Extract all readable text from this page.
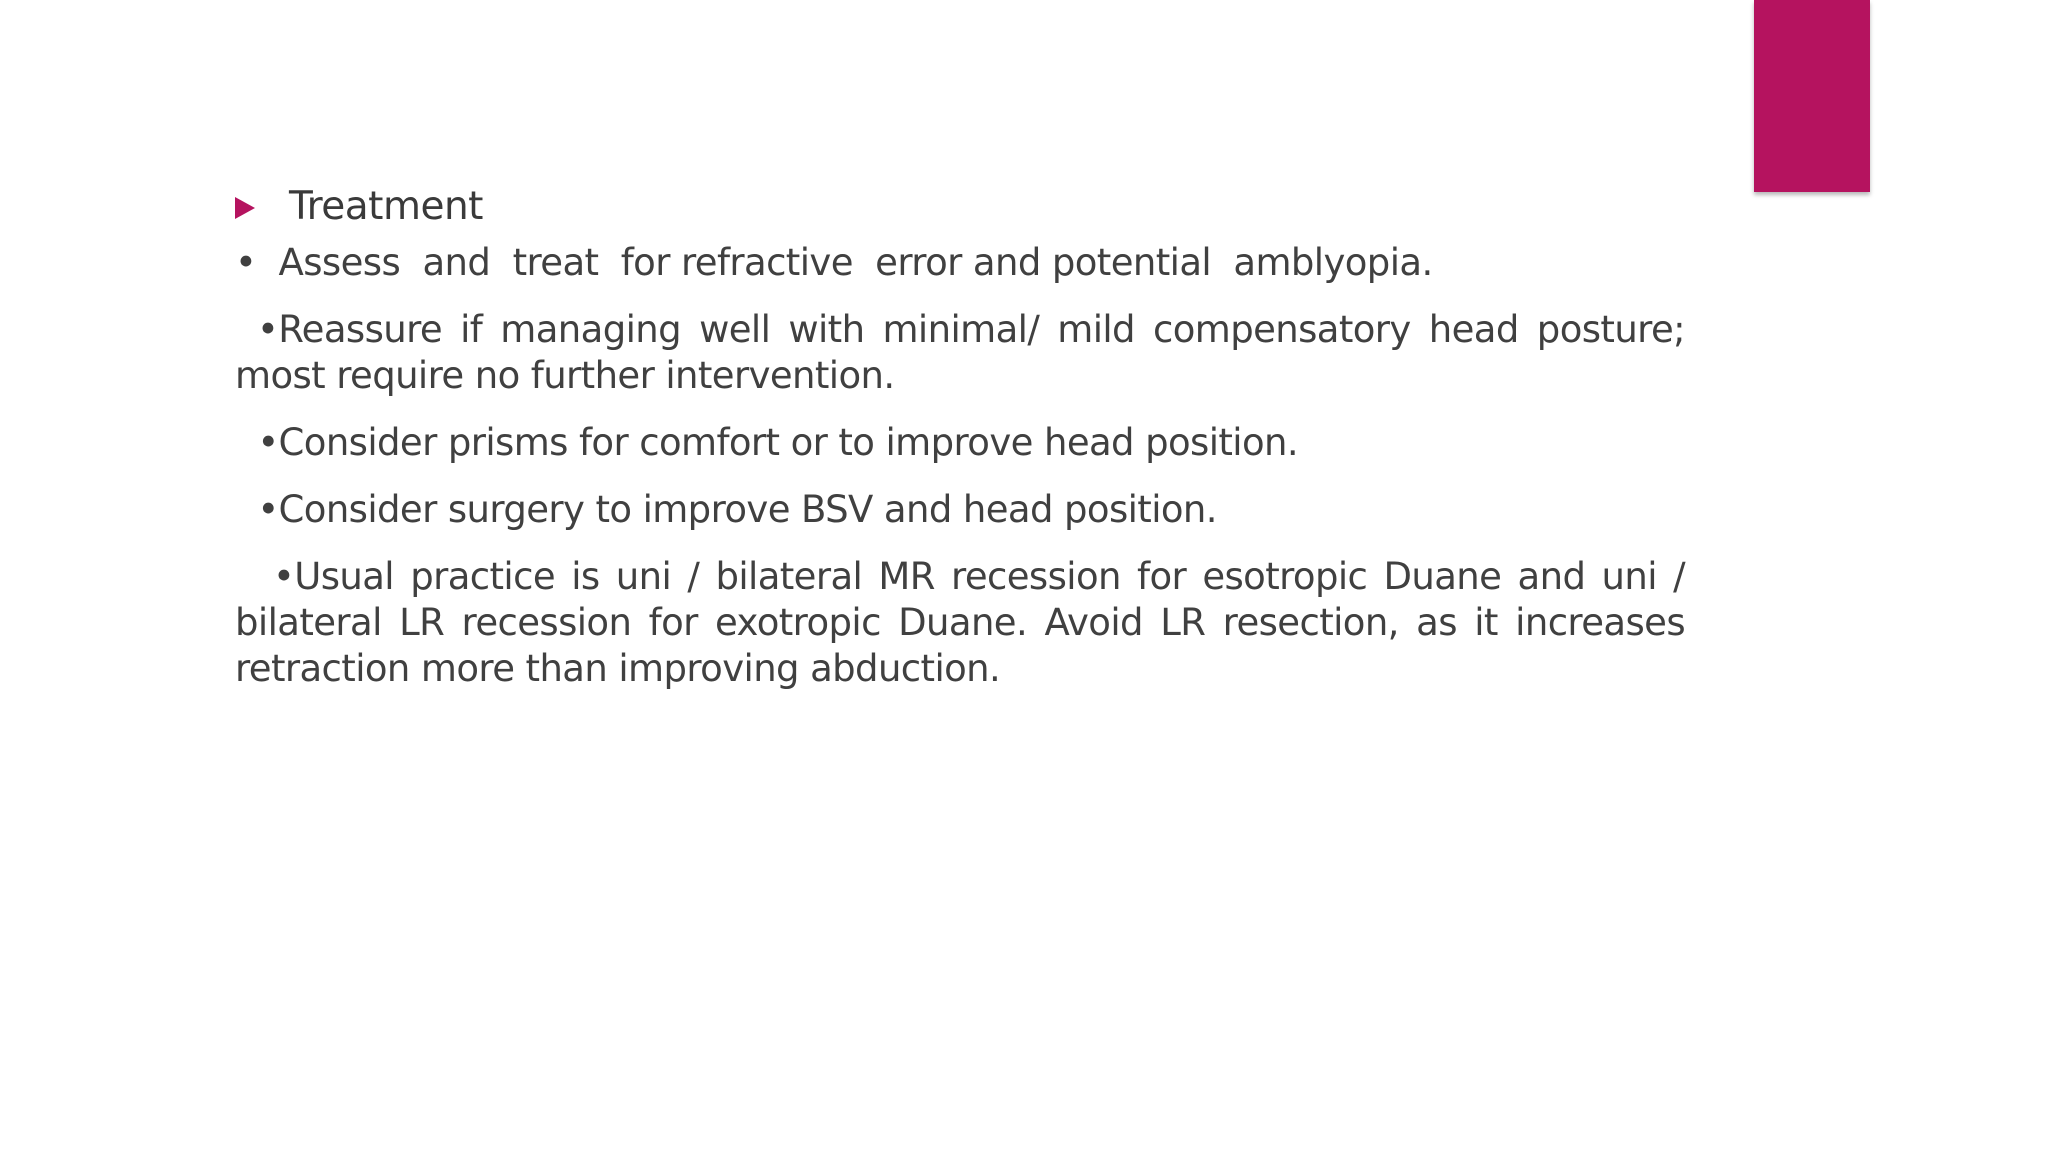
Treatment

•  Assess  and  treat  for refractive  error and potential  amblyopia.

•Reassure if managing well with minimal/ mild compensatory head posture; most require no further intervention.

•Consider prisms for comfort or to improve head position.

•Consider surgery to improve BSV and head position.

•Usual practice is uni / bilateral MR recession for esotropic Duane and uni / bilateral LR recession for exotropic Duane. Avoid LR resection, as it increases retraction more than improving abduction.
